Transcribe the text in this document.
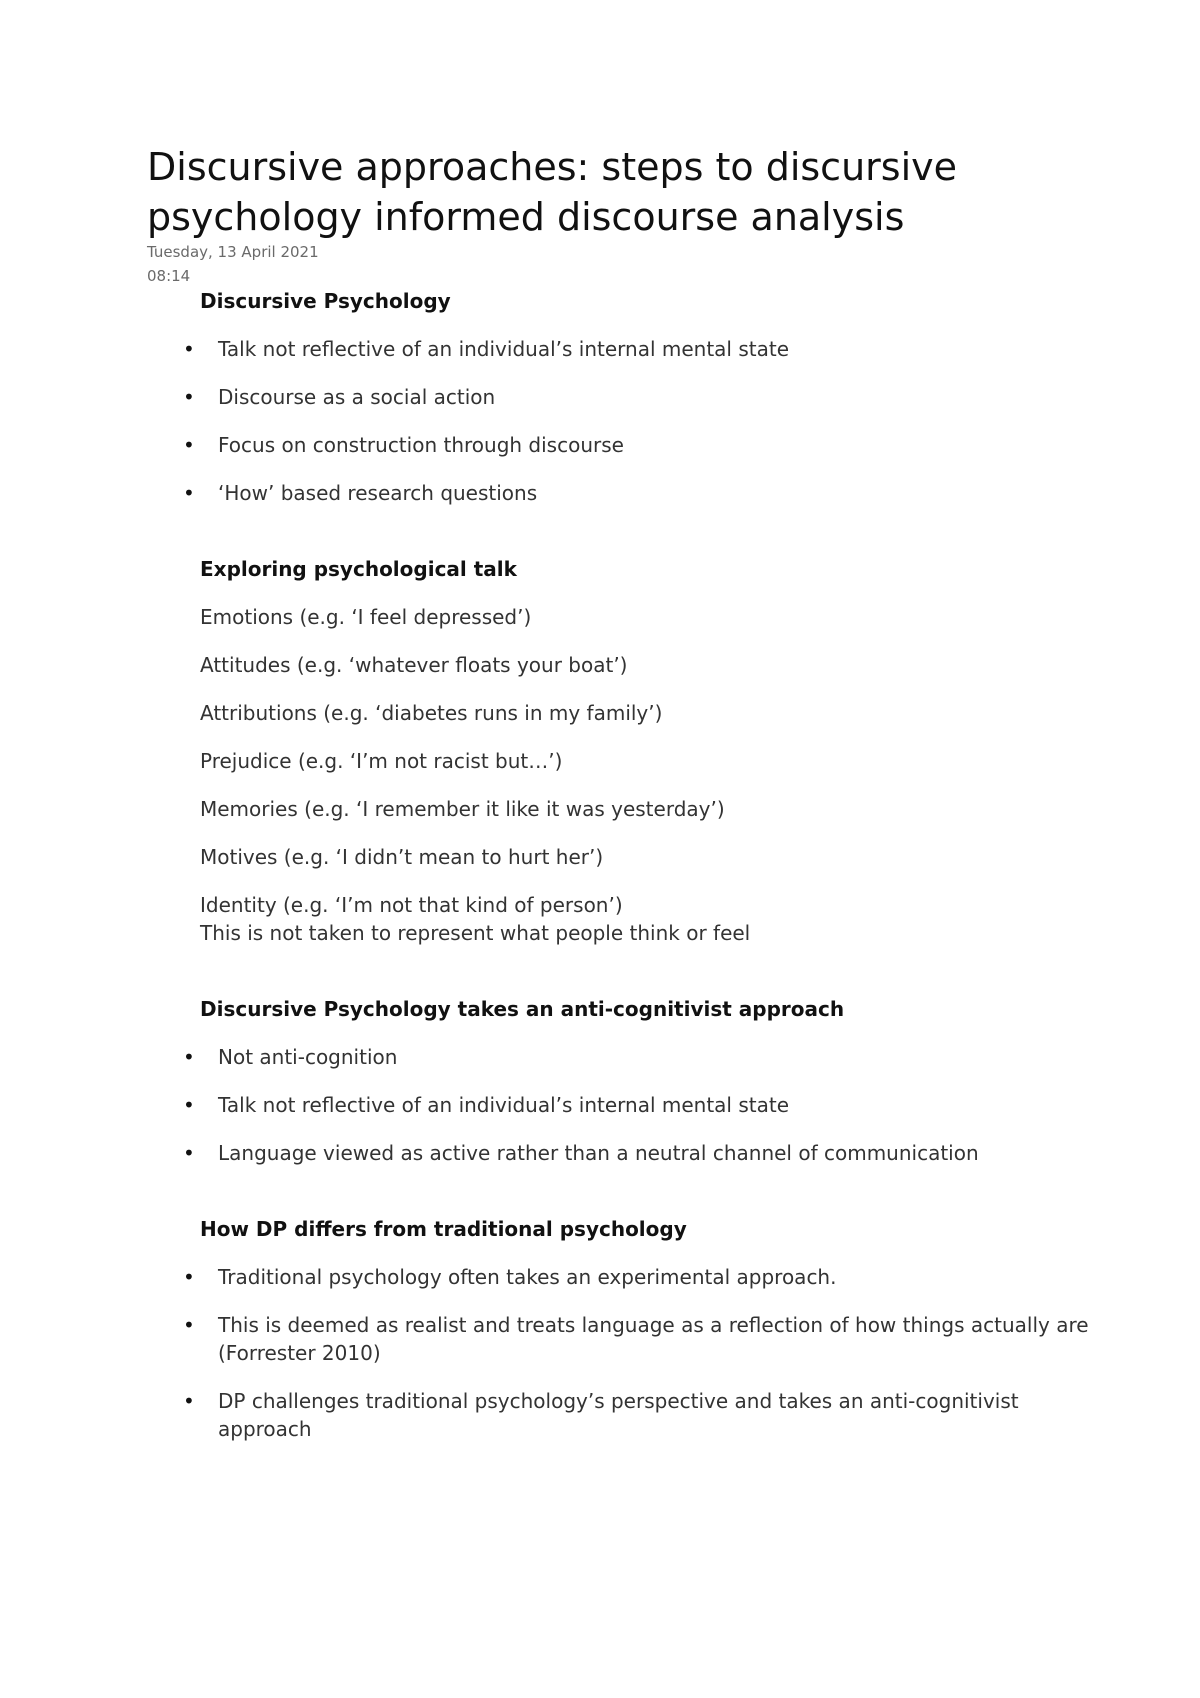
Discursive approaches: steps to discursive psychology informed discourse analysis
Tuesday, 13 April 2021
08:14
Discursive Psychology
• Talk not reflective of an individual’s internal mental state
• Discourse as a social action
• Focus on construction through discourse
• ‘How’ based research questions
Exploring psychological talk

Emotions (e.g. ‘I feel depressed’)

Attitudes (e.g. ‘whatever floats your boat’)

Attributions (e.g. ‘diabetes runs in my family’)

Prejudice (e.g. ‘I’m not racist but…’)

Memories (e.g. ‘I remember it like it was yesterday’)

Motives (e.g. ‘I didn’t mean to hurt her’)

Identity (e.g. ‘I’m not that kind of person’)

This is not taken to represent what people think or feel

Discursive Psychology takes an anti-cognitivist approach
• Not anti-cognition
• Talk not reflective of an individual’s internal mental state
• Language viewed as active rather than a neutral channel of communication
How DP differs from traditional psychology
• Traditional psychology often takes an experimental approach.
• This is deemed as realist and treats language as a reflection of how things actually are (Forrester 2010)
• DP challenges traditional psychology’s perspective and takes an anti-cognitivist approach
